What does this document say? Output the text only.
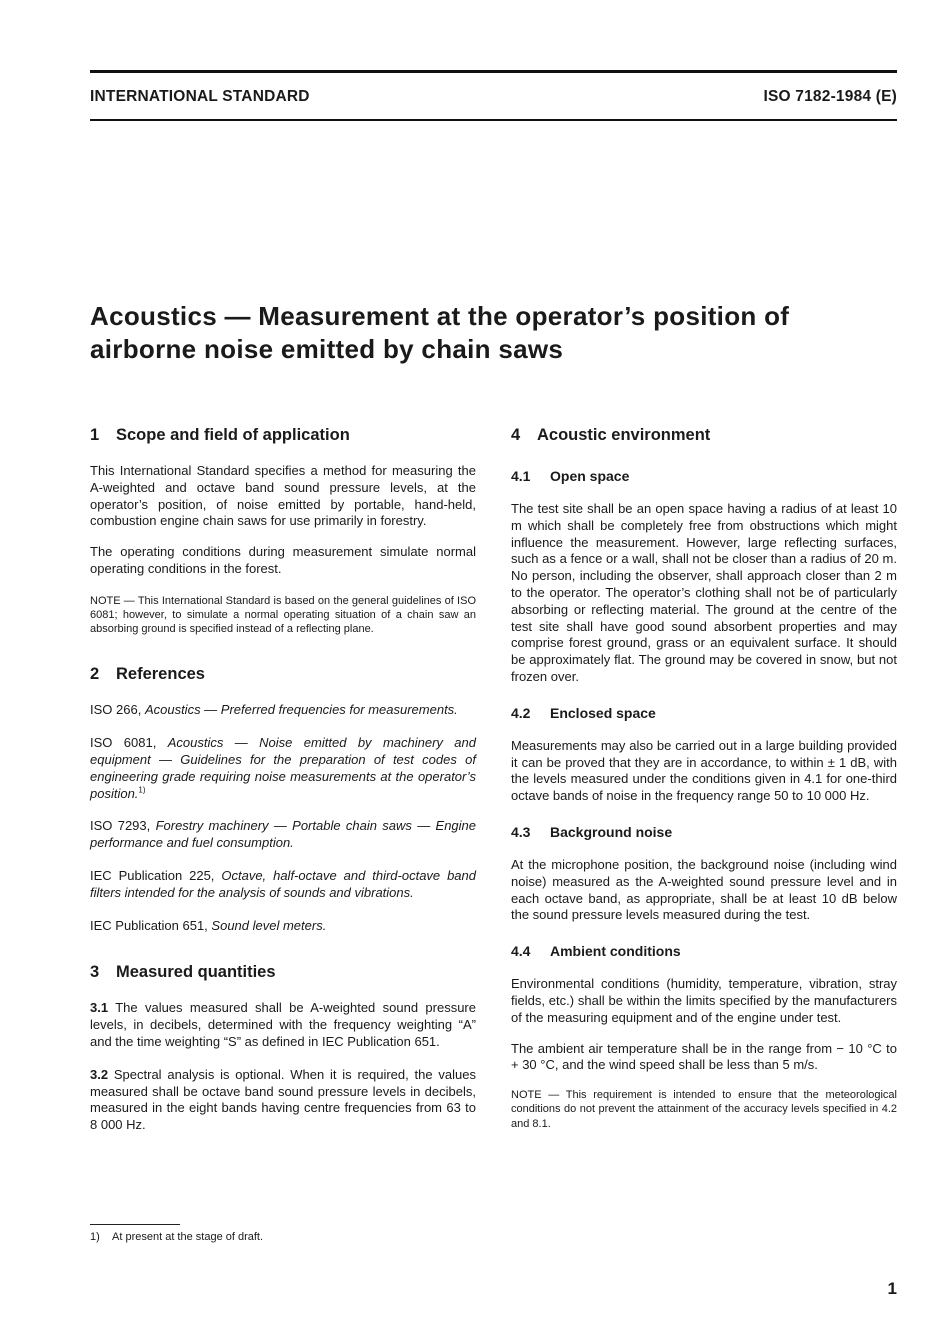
INTERNATIONAL STANDARD	ISO 7182-1984 (E)
Acoustics — Measurement at the operator’s position of
airborne noise emitted by chain saws
1 Scope and field of application

This International Standard specifies a method for measuring the A-weighted and octave band sound pressure levels, at the operator’s position, of noise emitted by portable, hand-held, combustion engine chain saws for use primarily in forestry.

The operating conditions during measurement simulate normal operating conditions in the forest.

NOTE — This International Standard is based on the general guidelines of ISO 6081; however, to simulate a normal operating situation of a chain saw an absorbing ground is specified instead of a reflecting plane.

2 References

ISO 266, Acoustics — Preferred frequencies for measurements.

ISO 6081, Acoustics — Noise emitted by machinery and equipment — Guidelines for the preparation of test codes of engineering grade requiring noise measurements at the operator’s position.$^{1)}$

ISO 7293, Forestry machinery — Portable chain saws — Engine performance and fuel consumption.

IEC Publication 225, Octave, half-octave and third-octave band filters intended for the analysis of sounds and vibrations.

IEC Publication 651, Sound level meters.

3 Measured quantities

3.1 The values measured shall be A-weighted sound pressure levels, in decibels, determined with the frequency weighting “A” and the time weighting “S” as defined in IEC Publication 651.

3.2 Spectral analysis is optional. When it is required, the values measured shall be octave band sound pressure levels in decibels, measured in the eight bands having centre frequencies from 63 to 8 000 Hz.

4 Acoustic environment
4.1 Open space

The test site shall be an open space having a radius of at least 10 m which shall be completely free from obstructions which might influence the measurement. However, large reflecting surfaces, such as a fence or a wall, shall not be closer than a radius of 20 m. No person, including the observer, shall approach closer than 2 m to the operator. The operator’s clothing shall not be of particularly absorbing or reflecting material. The ground at the centre of the test site shall have good sound absorbent properties and may comprise forest ground, grass or an equivalent surface. It should be approximately flat. The ground may be covered in snow, but not frozen over.

4.2 Enclosed space

Measurements may also be carried out in a large building provided it can be proved that they are in accordance, to within ± 1 dB, with the levels measured under the conditions given in 4.1 for one-third octave bands of noise in the frequency range 50 to 10 000 Hz.

4.3 Background noise

At the microphone position, the background noise (including wind noise) measured as the A-weighted sound pressure level and in each octave band, as appropriate, shall be at least 10 dB below the sound pressure levels measured during the test.

4.4 Ambient conditions

Environmental conditions (humidity, temperature, vibration, stray fields, etc.) shall be within the limits specified by the manufacturers of the measuring equipment and of the engine under test.

The ambient air temperature shall be in the range from − 10 °C to + 30 °C, and the wind speed shall be less than 5 m/s.

NOTE — This requirement is intended to ensure that the meteorological conditions do not prevent the attainment of the accuracy levels specified in 4.2 and 8.1.

1) At present at the stage of draft.
1
